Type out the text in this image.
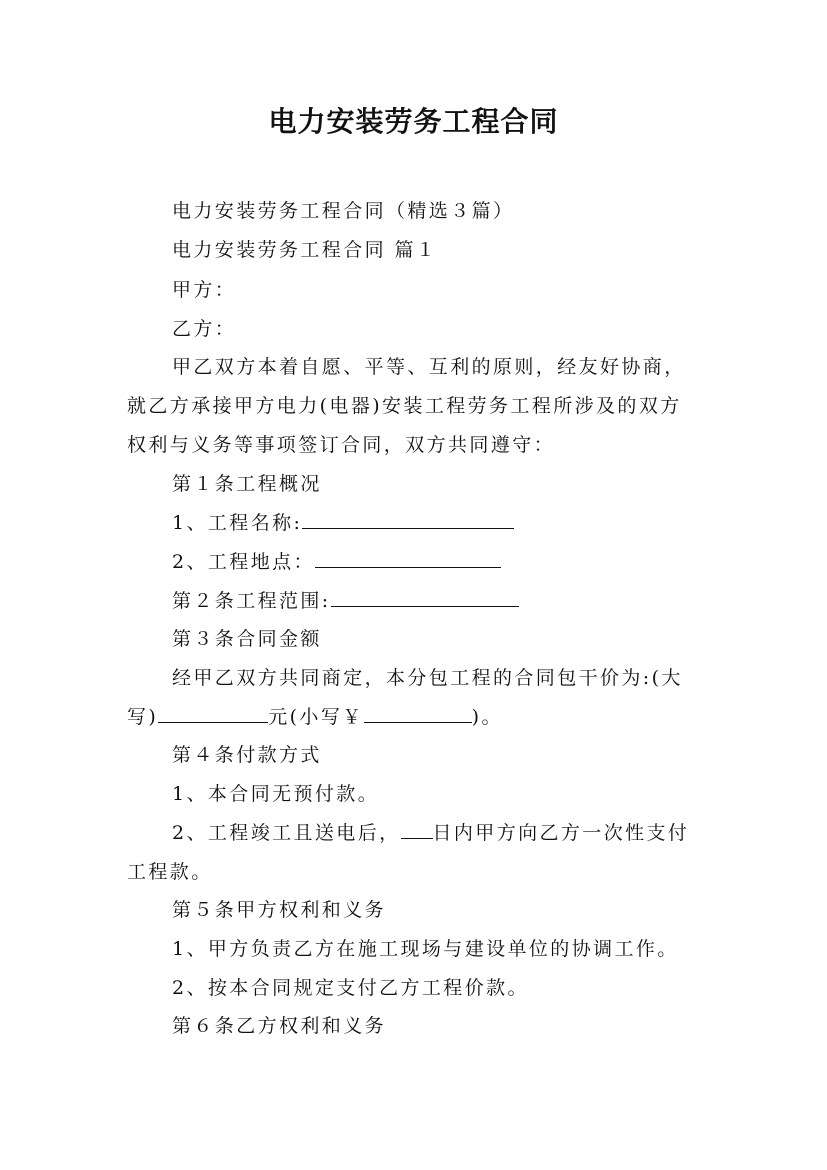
电力安装劳务工程合同
电力安装劳务工程合同（精选３篇）
电力安装劳务工程合同 篇１
甲方：
乙方：
甲乙双方本着自愿、平等、互利的原则，经友好协商，
就乙方承接甲方电力(电器)安装工程劳务工程所涉及的双方
权利与义务等事项签订合同，双方共同遵守：
第１条工程概况
1、工程名称:
2、工程地点：
第２条工程范围:
第３条合同金额
经甲乙双方共同商定，本分包工程的合同包干价为:(大
写)	元(小写￥	)。
第４条付款方式
1、本合同无预付款。
2、工程竣工且送电后， 日内甲方向乙方一次性支付
工程款。
第５条甲方权利和义务
1、甲方负责乙方在施工现场与建设单位的协调工作。
2、按本合同规定支付乙方工程价款。
第６条乙方权利和义务
